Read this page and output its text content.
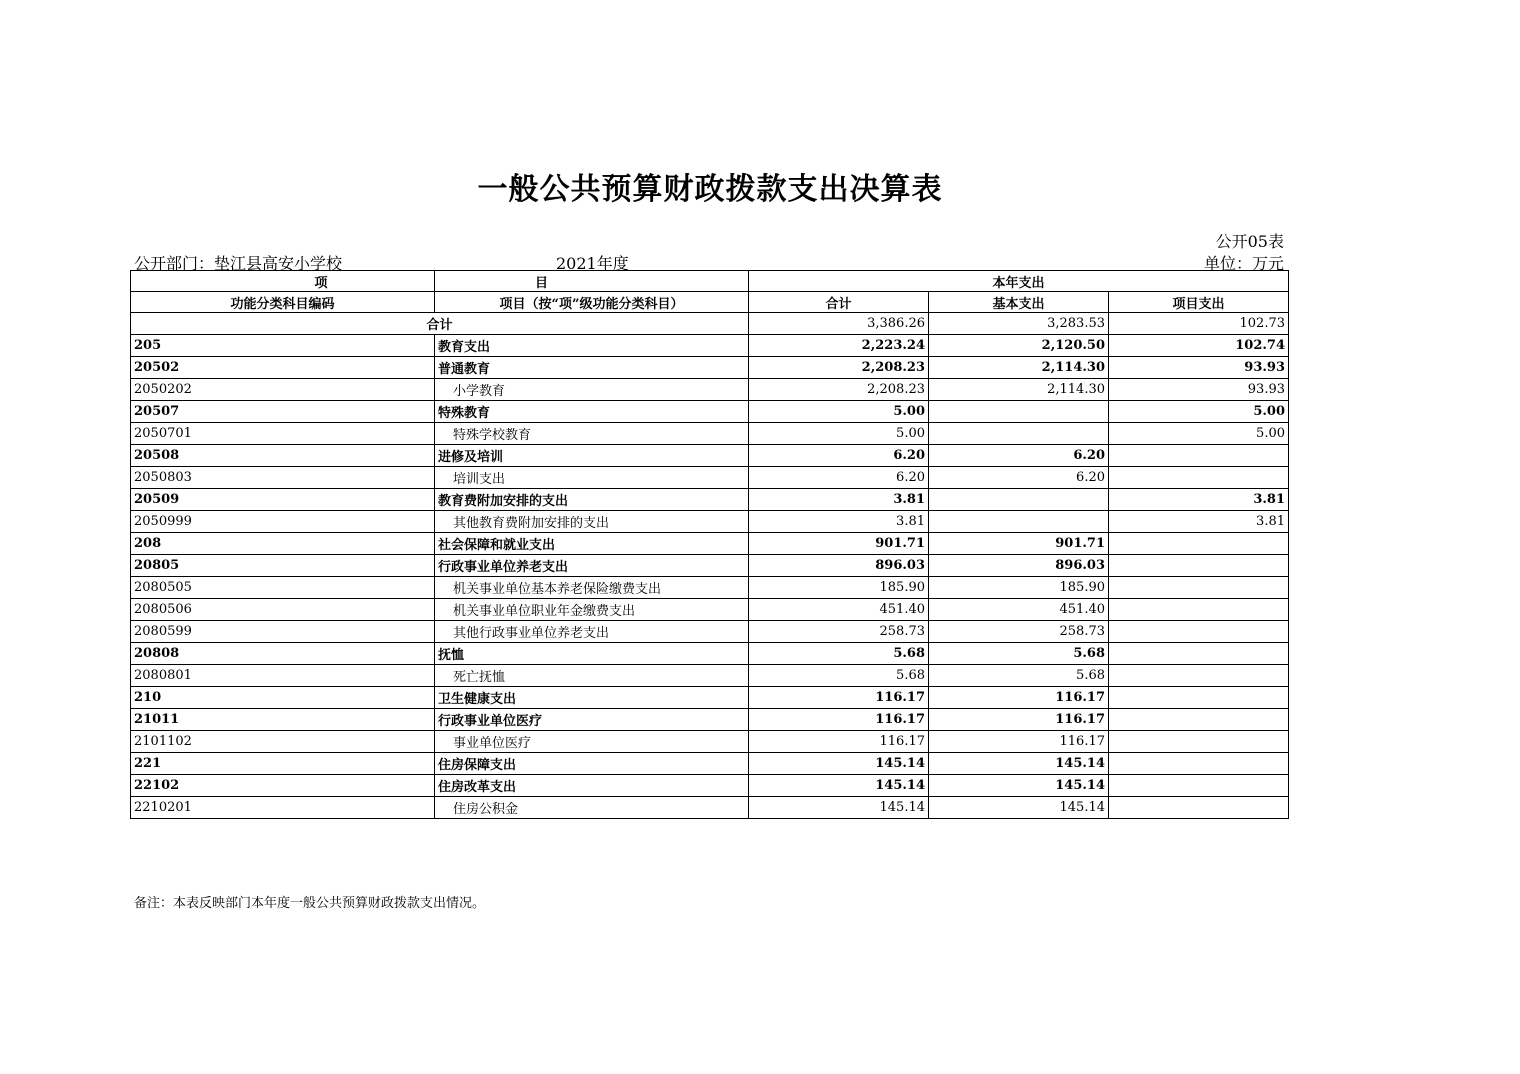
一般公共预算财政拨款支出决算表
公开05表
公开部门：垫江县高安小学校	2021年度	单位：万元
项	目	本年支出		
功能分类科目编码	项目（按“项”级功能分类科目）	合计	基本支出	项目支出
合计		3,386.26	3,283.53	102.73
205	教育支出	2,223.24	2,120.50	102.74
20502	普通教育	2,208.23	2,114.30	93.93
2050202	小学教育	2,208.23	2,114.30	93.93
20507	特殊教育	5.00		5.00
2050701	特殊学校教育	5.00		5.00
20508	进修及培训	6.20	6.20	
2050803	培训支出	6.20	6.20	
20509	教育费附加安排的支出	3.81		3.81
2050999	其他教育费附加安排的支出	3.81		3.81
208	社会保障和就业支出	901.71	901.71	
20805	行政事业单位养老支出	896.03	896.03	
2080505	机关事业单位基本养老保险缴费支出	185.90	185.90	
2080506	机关事业单位职业年金缴费支出	451.40	451.40	
2080599	其他行政事业单位养老支出	258.73	258.73	
20808	抚恤	5.68	5.68	
2080801	死亡抚恤	5.68	5.68	
210	卫生健康支出	116.17	116.17	
21011	行政事业单位医疗	116.17	116.17	
2101102	事业单位医疗	116.17	116.17	
221	住房保障支出	145.14	145.14	
22102	住房改革支出	145.14	145.14	
2210201	住房公积金	145.14	145.14	
备注：本表反映部门本年度一般公共预算财政拨款支出情况。
